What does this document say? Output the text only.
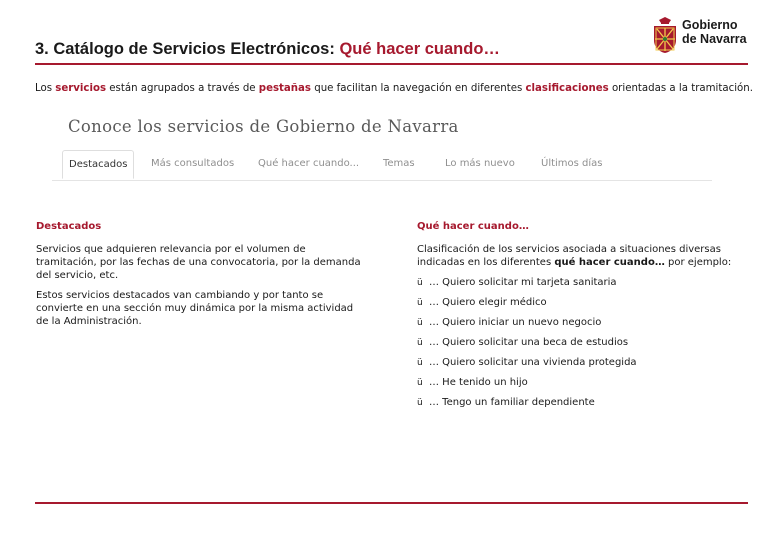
3. Catálogo de Servicios Electrónicos: Qué hacer cuando…
Gobierno
de Navarra
Los servicios están agrupados a través de pestañas que facilitan la navegación en diferentes clasificaciones orientadas a la tramitación.
Conoce los servicios de Gobierno de Navarra
Destacados	Más consultados Qué hacer cuando... Temas	Lo más nuevo	Últimos días
Destacados

Servicios que adquieren relevancia por el volumen de tramitación, por las fechas de una convocatoria, por la demanda del servicio, etc.

Estos servicios destacados van cambiando y por tanto se convierte en una sección muy dinámica por la misma actividad de la Administración.

Qué hacer cuando…

Clasificación de los servicios asociada a situaciones diversas indicadas en los diferentes qué hacer cuando… por ejemplo:

ü … Quiero solicitar mi tarjeta sanitaria
ü … Quiero elegir médico
ü … Quiero iniciar un nuevo negocio
ü … Quiero solicitar una beca de estudios
ü … Quiero solicitar una vivienda protegida
ü … He tenido un hijo
ü … Tengo un familiar dependiente
